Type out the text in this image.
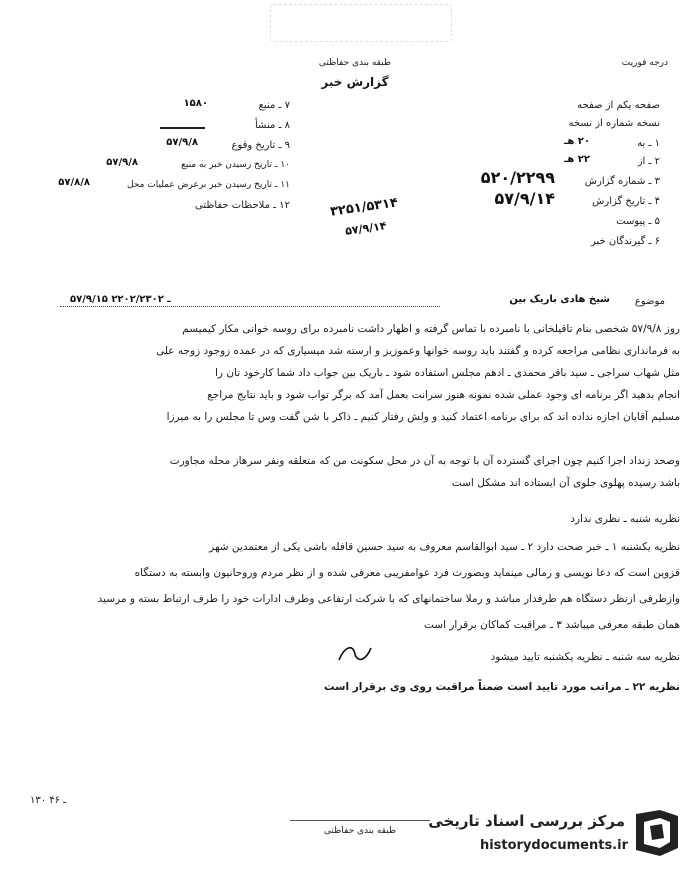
طبقه بندی حفاظتی
گزارش خبر
درجه فوریت
صفحه یکم از صفحه
نسخه شماره از نسخه
۱ ـ به
۲۰ هـ
۲ ـ از
۲۲ هـ
۳ ـ شماره گزارش
۵۲۰/۲۲۹۹
۴ ـ تاریخ گزارش
۵۷/۹/۱۴
۵ ـ پیوست
۶ ـ گیرندگان خبر
۷ ـ منبع
۱۵۸۰
۸ ـ منشأ
۹ ـ تاریخ وقوع
۵۷/۹/۸
۱۰ ـ تاریخ رسیدن خبر به منبع
۵۷/۹/۸
۱۱ ـ تاریخ رسیدن خبر برعرض عملیات محل
۵۷/۸/۸
۱۲ ـ ملاحظات حفاظتی	۳۲۵۱/۵۳۱۴
۵۷/۹/۱۴
موضوع
شیخ هادی باریک بین
۵۷/۹/۱۵ ـ ۲۲۰۲/۲۳۰۲
روز ۵۷/۹/۸ شخصی بنام تاقیلخانی با نامبرده با تماس گرفته و اظهار داشت نامبرده برای روسه خوانی مکار کیمیسم
به فرمانداری نظامی مراجعه کرده و گفتند باید روسه خوانها وعموزیز و ارسته شد میسیاری که در عمده زوجود زوجه علی
مثل شهاب سراجی ـ سید باقر محمدی ـ ادهم مجلس استفاده شود ـ باریک بین جواب داد شما کارخود تان را
انجام بدهید اگر برنامه ای وجود عملی شده نمونه هنوز سرانت بعمل آمد که برگر تواب شود و باید نتایج مراجع
مسلیم آقایان اجازه نداده اند که برای برنامه اعتماد کنید و ولش رفتار کنیم ـ ذاکر با شن گفت وس تا مجلس را به میرزا
وصحد زنداد اجرا کنیم چون اجرای گسترده آن با توجه به آن در محل سکونت من که متعلقه ونفر سرهاز محله مجاورت
باشد رسیده پهلوی جلوی آن ایستاده اند مشکل است
نظریه شنبه ـ نظری ندارد
نظریه یکشنبه ۱ ـ خبر صحت دارد ۲ ـ سید ابوالقاسم معروف به سید حسین قافله باشی یکی از معتمدین شهر
قزوین است که دعا نویسی و رمالی مینماید وبصورت فرد عوامفریبی معرفی شده و از نظر مردم وروحانیون وابسته به دستگاه
وازطرفی ازنظر دستگاه هم طرفدار مباشد و رملا ساختمانهای که با شرکت ارتفاعی وطرف ادارات خود را طرف ارتباط بسته و مرسید
همان طبقه معرفی میباشد ۳ ـ مراقبت کماکان برقرار است
نظریه سه شنبه ـ نظریه یکشنبه تایید میشود
نظریه ۲۲ ـ مراتب مورد تایید است ضمناً مراقبت روی وی برقرار است
۱۳۰ ـ ۴۶
طبقه بندی حفاظتی
مرکز بررسی اسناد تاریخی
historydocuments.ir
